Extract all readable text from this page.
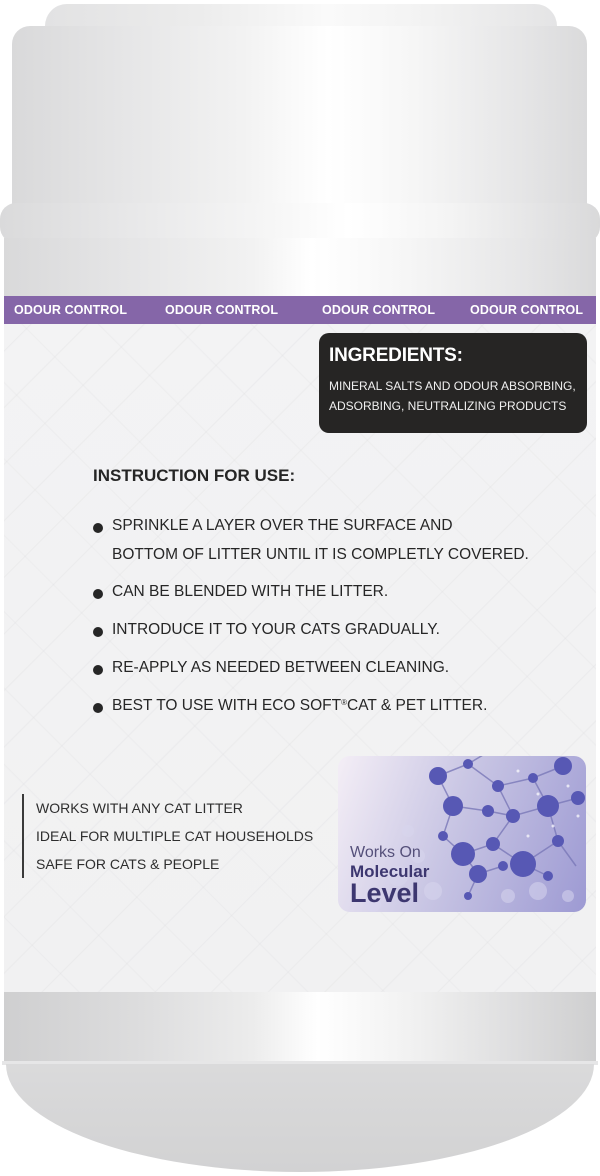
ODOUR CONTROL	ODOUR CONTROL	ODOUR CONTROL	ODOUR CONTROL
INGREDIENTS:
MINERAL SALTS AND ODOUR ABSORBING,
ADSORBING, NEUTRALIZING PRODUCTS
INSTRUCTION FOR USE:
SPRINKLE A LAYER OVER THE SURFACE AND
BOTTOM OF LITTER UNTIL IT IS COMPLETLY COVERED.
CAN BE BLENDED WITH THE LITTER.
INTRODUCE IT TO YOUR CATS GRADUALLY.
RE-APPLY AS NEEDED BETWEEN CLEANING.
BEST TO USE WITH ECO SOFT®CAT & PET LITTER.
WORKS WITH ANY CAT LITTER
IDEAL FOR MULTIPLE CAT HOUSEHOLDS
SAFE FOR CATS & PEOPLE
Works On
Molecular
Level
